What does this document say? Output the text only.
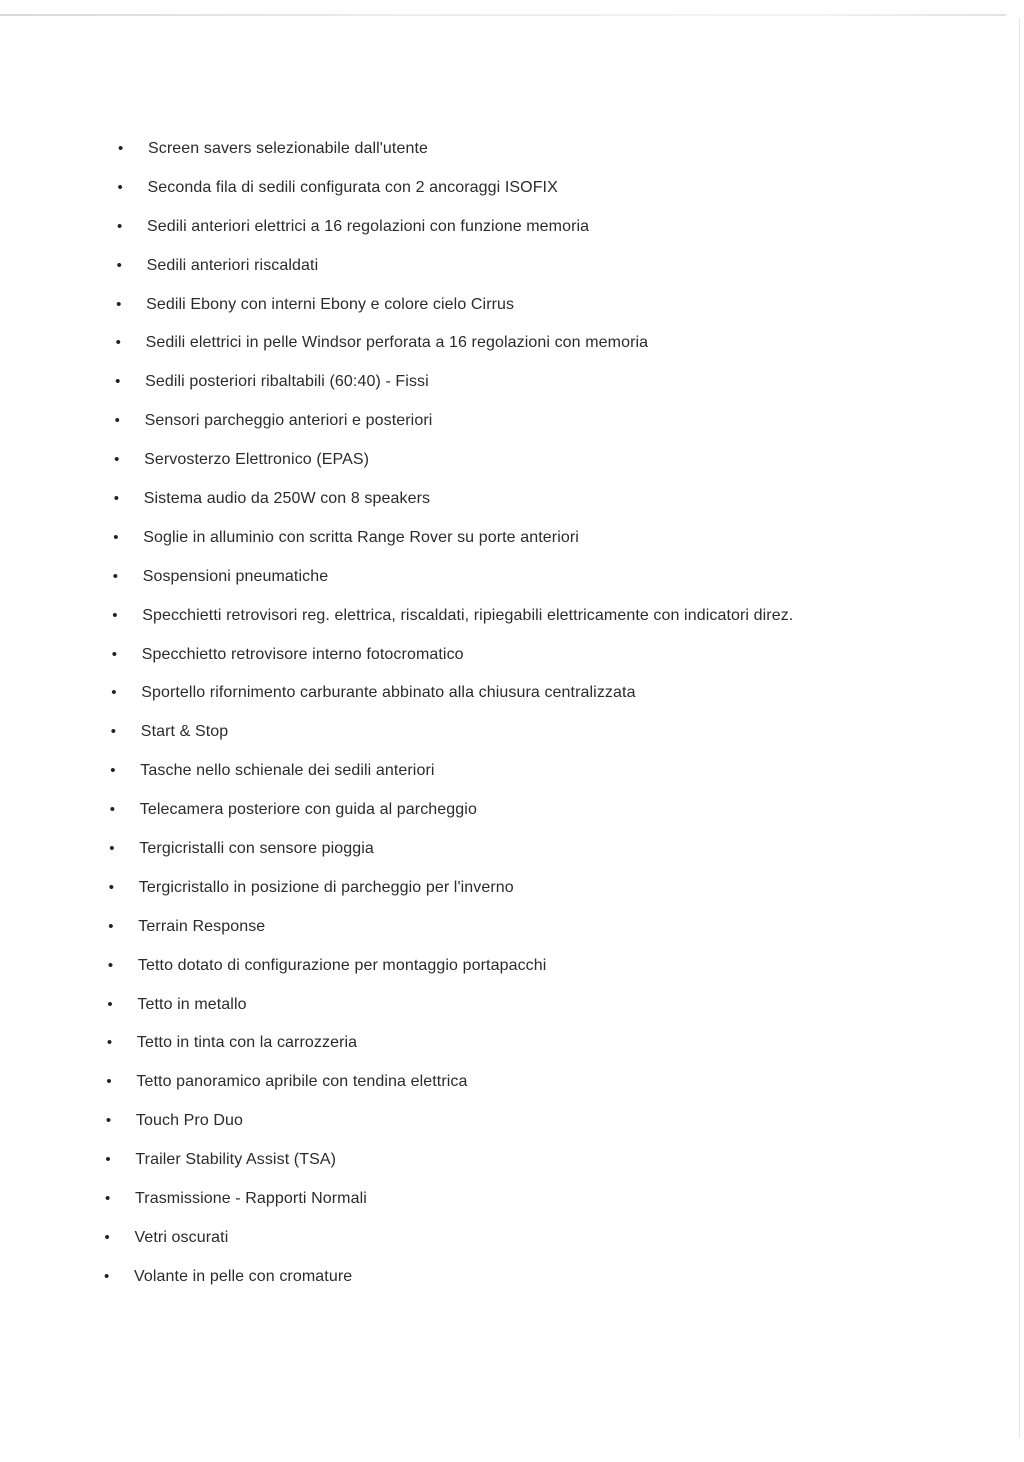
• Screen savers selezionabile dall'utente
• Seconda fila di sedili configurata con 2 ancoraggi ISOFIX
• Sedili anteriori elettrici a 16 regolazioni con funzione memoria
• Sedili anteriori riscaldati
• Sedili Ebony con interni Ebony e colore cielo Cirrus
• Sedili elettrici in pelle Windsor perforata a 16 regolazioni con memoria
• Sedili posteriori ribaltabili (60:40) - Fissi
• Sensori parcheggio anteriori e posteriori
• Servosterzo Elettronico (EPAS)
• Sistema audio da 250W con 8 speakers
• Soglie in alluminio con scritta Range Rover su porte anteriori
• Sospensioni pneumatiche
• Specchietti retrovisori reg. elettrica, riscaldati, ripiegabili elettricamente con indicatori direz.
• Specchietto retrovisore interno fotocromatico
• Sportello rifornimento carburante abbinato alla chiusura centralizzata
• Start & Stop
• Tasche nello schienale dei sedili anteriori
• Telecamera posteriore con guida al parcheggio
• Tergicristalli con sensore pioggia
• Tergicristallo in posizione di parcheggio per l'inverno
• Terrain Response
• Tetto dotato di configurazione per montaggio portapacchi
• Tetto in metallo
• Tetto in tinta con la carrozzeria
• Tetto panoramico apribile con tendina elettrica
• Touch Pro Duo
• Trailer Stability Assist (TSA)
• Trasmissione - Rapporti Normali
• Vetri oscurati
• Volante in pelle con cromature
